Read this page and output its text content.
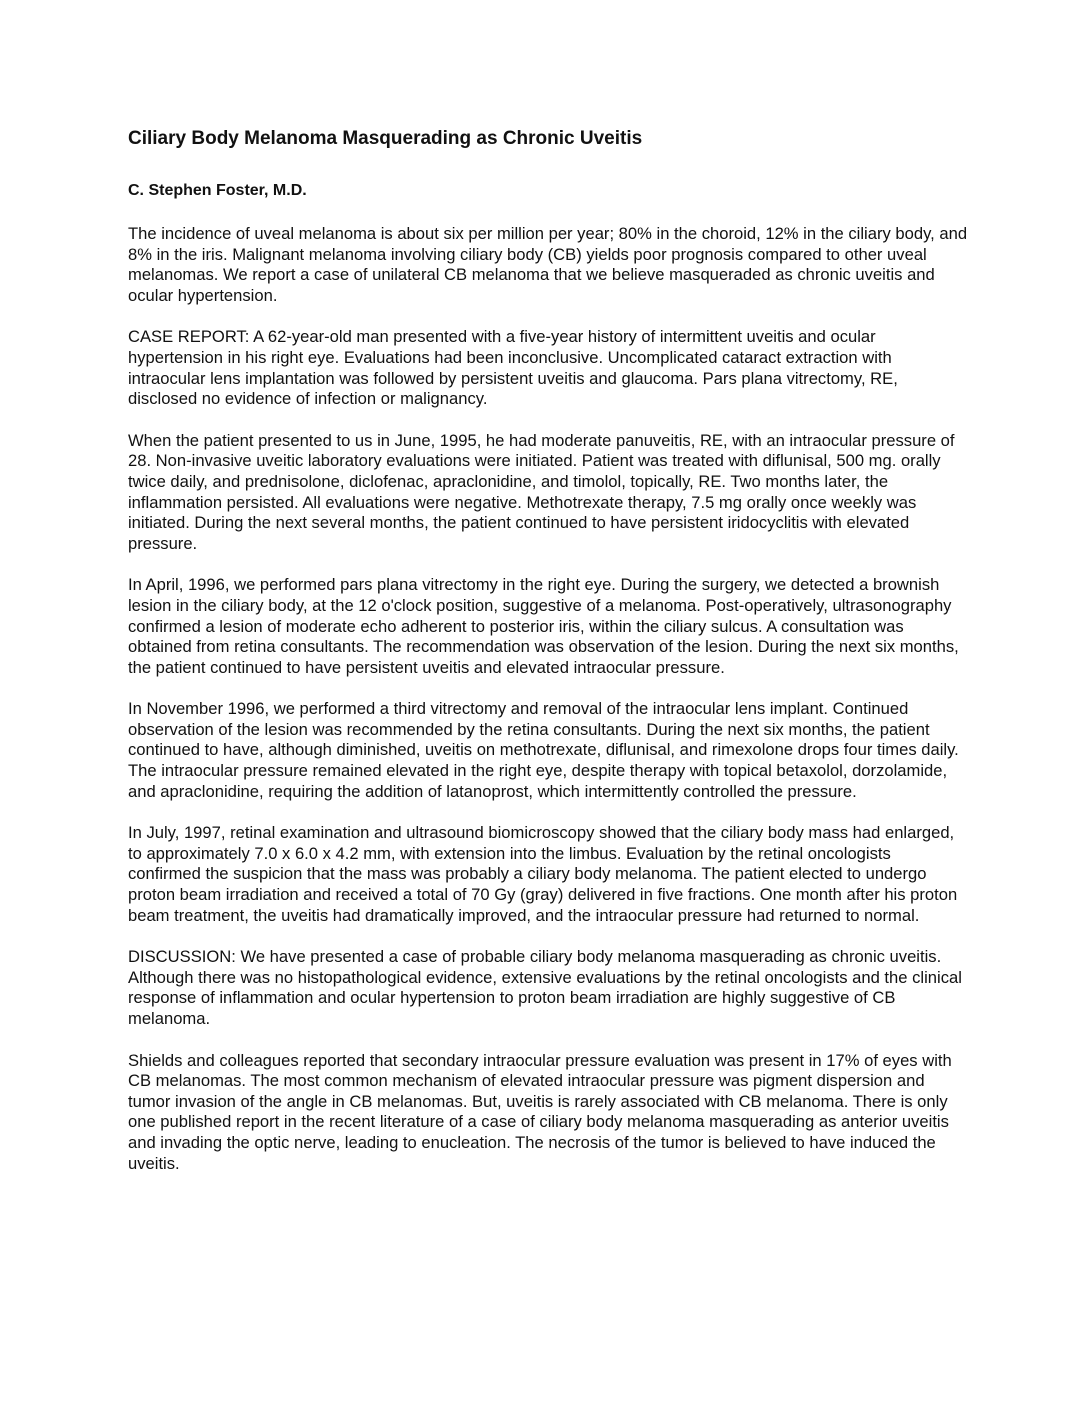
Ciliary Body Melanoma Masquerading as Chronic Uveitis
C. Stephen Foster, M.D.

The incidence of uveal melanoma is about six per million per year; 80% in the choroid, 12% in the ciliary body, and 8% in the iris. Malignant melanoma involving ciliary body (CB) yields poor prognosis compared to other uveal melanomas. We report a case of unilateral CB melanoma that we believe masqueraded as chronic uveitis and ocular hypertension.

CASE REPORT: A 62-year-old man presented with a five-year history of intermittent uveitis and ocular hypertension in his right eye. Evaluations had been inconclusive. Uncomplicated cataract extraction with intraocular lens implantation was followed by persistent uveitis and glaucoma. Pars plana vitrectomy, RE, disclosed no evidence of infection or malignancy.

When the patient presented to us in June, 1995, he had moderate panuveitis, RE, with an intraocular pressure of 28. Non-invasive uveitic laboratory evaluations were initiated. Patient was treated with diflunisal, 500 mg. orally twice daily, and prednisolone, diclofenac, apraclonidine, and timolol, topically, RE. Two months later, the inflammation persisted. All evaluations were negative. Methotrexate therapy, 7.5 mg orally once weekly was initiated. During the next several months, the patient continued to have persistent iridocyclitis with elevated pressure.

In April, 1996, we performed pars plana vitrectomy in the right eye. During the surgery, we detected a brownish lesion in the ciliary body, at the 12 o'clock position, suggestive of a melanoma. Post-operatively, ultrasonography confirmed a lesion of moderate echo adherent to posterior iris, within the ciliary sulcus. A consultation was obtained from retina consultants. The recommendation was observation of the lesion. During the next six months, the patient continued to have persistent uveitis and elevated intraocular pressure.

In November 1996, we performed a third vitrectomy and removal of the intraocular lens implant. Continued observation of the lesion was recommended by the retina consultants. During the next six months, the patient continued to have, although diminished, uveitis on methotrexate, diflunisal, and rimexolone drops four times daily. The intraocular pressure remained elevated in the right eye, despite therapy with topical betaxolol, dorzolamide, and apraclonidine, requiring the addition of latanoprost, which intermittently controlled the pressure.

In July, 1997, retinal examination and ultrasound biomicroscopy showed that the ciliary body mass had enlarged, to approximately 7.0 x 6.0 x 4.2 mm, with extension into the limbus. Evaluation by the retinal oncologists confirmed the suspicion that the mass was probably a ciliary body melanoma. The patient elected to undergo proton beam irradiation and received a total of 70 Gy (gray) delivered in five fractions. One month after his proton beam treatment, the uveitis had dramatically improved, and the intraocular pressure had returned to normal.

DISCUSSION: We have presented a case of probable ciliary body melanoma masquerading as chronic uveitis. Although there was no histopathological evidence, extensive evaluations by the retinal oncologists and the clinical response of inflammation and ocular hypertension to proton beam irradiation are highly suggestive of CB melanoma.

Shields and colleagues reported that secondary intraocular pressure evaluation was present in 17% of eyes with CB melanomas. The most common mechanism of elevated intraocular pressure was pigment dispersion and tumor invasion of the angle in CB melanomas. But, uveitis is rarely associated with CB melanoma. There is only one published report in the recent literature of a case of ciliary body melanoma masquerading as anterior uveitis and invading the optic nerve, leading to enucleation. The necrosis of the tumor is believed to have induced the uveitis.
